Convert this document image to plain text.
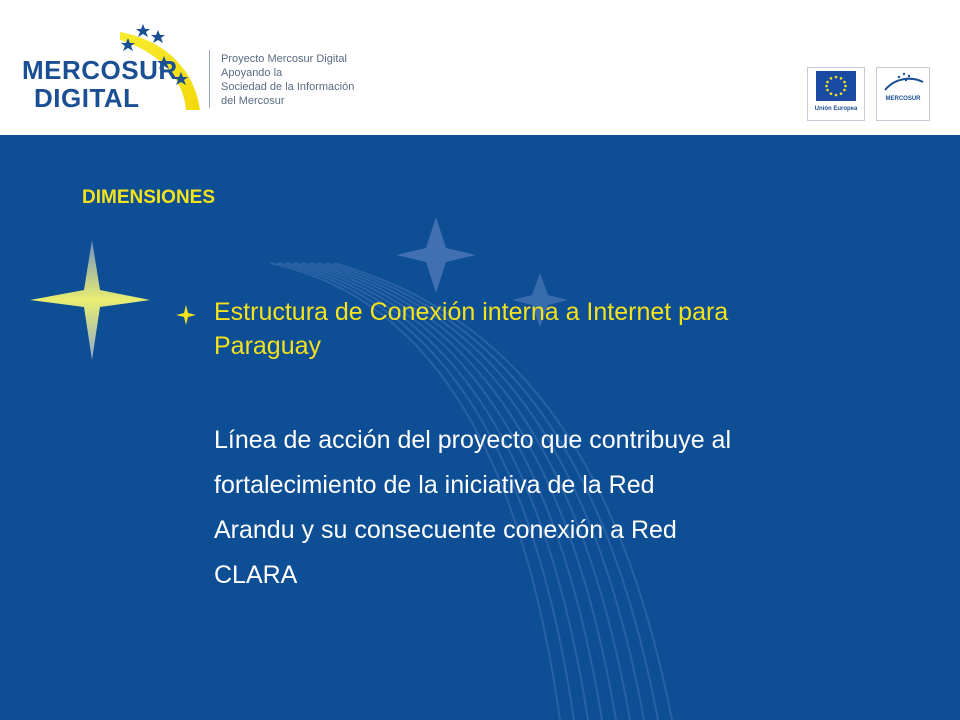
MERCOSUR
DIGITAL
Proyecto Mercosur Digital
Apoyando la
Sociedad de la Información
del Mercosur
Unión Europea
MERCOSUR
DIMENSIONES
Estructura de Conexión interna a Internet para Paraguay
Línea de acción del proyecto que contribuye al fortalecimiento de la iniciativa de la Red Arandu y su consecuente conexión a Red CLARA
